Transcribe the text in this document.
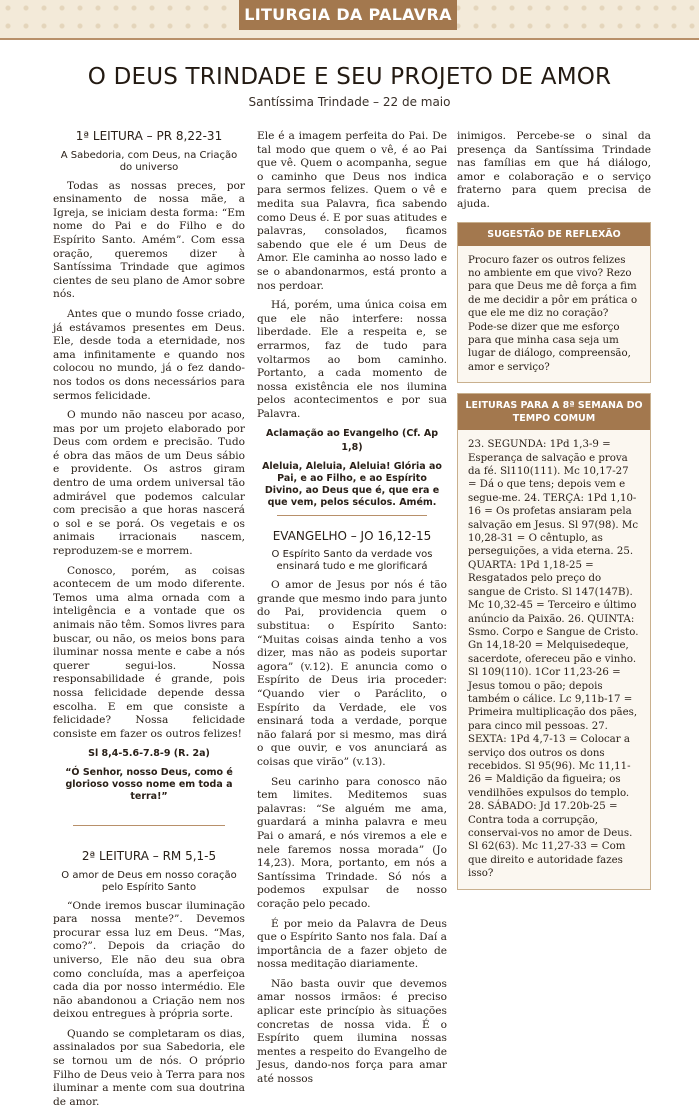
LITURGIA DA PALAVRA
O DEUS TRINDADE E SEU PROJETO DE AMOR
Santíssima Trindade – 22 de maio

1ª LEITURA – PR 8,22-31

A Sabedoria, com Deus, na Criação do universo

Todas as nossas preces, por ensinamento de nossa mãe, a Igreja, se iniciam desta forma: “Em nome do Pai e do Filho e do Espírito Santo. Amém”. Com essa oração, queremos dizer à Santíssima Trindade que agimos cientes de seu plano de Amor sobre nós.

Antes que o mundo fosse criado, já estávamos presentes em Deus. Ele, desde toda a eternidade, nos ama infinitamente e quando nos colocou no mundo, já o fez dando-nos todos os dons necessários para sermos felicidade.

O mundo não nasceu por acaso, mas por um projeto elaborado por Deus com ordem e precisão. Tudo é obra das mãos de um Deus sábio e providente. Os astros giram dentro de uma ordem universal tão admirável que podemos calcular com precisão a que horas nascerá o sol e se porá. Os vegetais e os animais irracionais nascem, reproduzem-se e morrem.

Conosco, porém, as coisas acontecem de um modo diferente. Temos uma alma ornada com a inteligência e a vontade que os animais não têm. Somos livres para buscar, ou não, os meios bons para iluminar nossa mente e cabe a nós querer segui-los. Nossa responsabilidade é grande, pois nossa felicidade depende dessa escolha. E em que consiste a felicidade? Nossa felicidade consiste em fazer os outros felizes!

Sl 8,4-5.6-7.8-9 (R. 2a)

“Ó Senhor, nosso Deus, como é glorioso vosso nome em toda a terra!”

2ª LEITURA – RM 5,1-5

O amor de Deus em nosso coração pelo Espírito Santo

“Onde iremos buscar iluminação para nossa mente?”. Devemos procurar essa luz em Deus. “Mas, como?”. Depois da criação do universo, Ele não deu sua obra como concluída, mas a aperfeiçoa cada dia por nosso intermédio. Ele não abandonou a Criação nem nos deixou entregues à própria sorte.

Quando se completaram os dias, assinalados por sua Sabedoria, ele se tornou um de nós. O próprio Filho de Deus veio à Terra para nos iluminar a mente com sua doutrina de amor.

Ele é a imagem perfeita do Pai. De tal modo que quem o vê, é ao Pai que vê. Quem o acompanha, segue o caminho que Deus nos indica para sermos felizes. Quem o vê e medita sua Palavra, fica sabendo como Deus é. E por suas atitudes e palavras, consolados, ficamos sabendo que ele é um Deus de Amor. Ele caminha ao nosso lado e se o abandonarmos, está pronto a nos perdoar.

Há, porém, uma única coisa em que ele não interfere: nossa liberdade. Ele a respeita e, se errarmos, faz de tudo para voltarmos ao bom caminho. Portanto, a cada momento de nossa existência ele nos ilumina pelos acontecimentos e por sua Palavra.

Aclamação ao Evangelho (Cf. Ap 1,8)

Aleluia, Aleluia, Aleluia! Glória ao Pai, e ao Filho, e ao Espírito Divino, ao Deus que é, que era e que vem, pelos séculos. Amém.

EVANGELHO – JO 16,12-15

O Espírito Santo da verdade vos ensinará tudo e me glorificará

O amor de Jesus por nós é tão grande que mesmo indo para junto do Pai, providencia quem o substitua: o Espírito Santo: “Muitas coisas ainda tenho a vos dizer, mas não as podeis suportar agora” (v.12). E anuncia como o Espírito de Deus iria proceder: “Quando vier o Paráclito, o Espírito da Verdade, ele vos ensinará toda a verdade, porque não falará por si mesmo, mas dirá o que ouvir, e vos anunciará as coisas que virão” (v.13).

Seu carinho para conosco não tem limites. Meditemos suas palavras: “Se alguém me ama, guardará a minha palavra e meu Pai o amará, e nós viremos a ele e nele faremos nossa morada” (Jo 14,23). Mora, portanto, em nós a Santíssima Trindade. Só nós a podemos expulsar de nosso coração pelo pecado.

É por meio da Palavra de Deus que o Espírito Santo nos fala. Daí a importância de a fazer objeto de nossa meditação diariamente.

Não basta ouvir que devemos amar nossos irmãos: é preciso aplicar este princípio às situações concretas de nossa vida. É o Espírito quem ilumina nossas mentes a respeito do Evangelho de Jesus, dando-nos força para amar até nossos

inimigos. Percebe-se o sinal da presença da Santíssima Trindade nas famílias em que há diálogo, amor e colaboração e o serviço fraterno para quem precisa de ajuda.

SUGESTÃO DE REFLEXÃO

Procuro fazer os outros felizes no ambiente em que vivo? Rezo para que Deus me dê força a fim de me decidir a pôr em prática o que ele me diz no coração? Pode-se dizer que me esforço para que minha casa seja um lugar de diálogo, compreensão, amor e serviço?

LEITURAS PARA A 8ª SEMANA DO TEMPO COMUM

23. SEGUNDA: 1Pd 1,3-9 = Esperança de salvação e prova da fé. Sl110(111). Mc 10,17-27 = Dá o que tens; depois vem e segue-me. 24. TERÇA: 1Pd 1,10-16 = Os profetas ansiaram pela salvação em Jesus. Sl 97(98). Mc 10,28-31 = O cêntuplo, as perseguições, a vida eterna. 25. QUARTA: 1Pd 1,18-25 = Resgatados pelo preço do sangue de Cristo. Sl 147(147B). Mc 10,32-45 = Terceiro e último anúncio da Paixão. 26. QUINTA: Ssmo. Corpo e Sangue de Cristo. Gn 14,18-20 = Melquisedeque, sacerdote, ofereceu pão e vinho. Sl 109(110). 1Cor 11,23-26 = Jesus tomou o pão; depois também o cálice. Lc 9,11b-17 = Primeira multiplicação dos pães, para cinco mil pessoas. 27. SEXTA: 1Pd 4,7-13 = Colocar a serviço dos outros os dons recebidos. Sl 95(96). Mc 11,11-26 = Maldição da figueira; os vendilhões expulsos do templo. 28. SÁBADO: Jd 17.20b-25 = Contra toda a corrupção, conservai-vos no amor de Deus. Sl 62(63). Mc 11,27-33 = Com que direito e autoridade fazes isso?
